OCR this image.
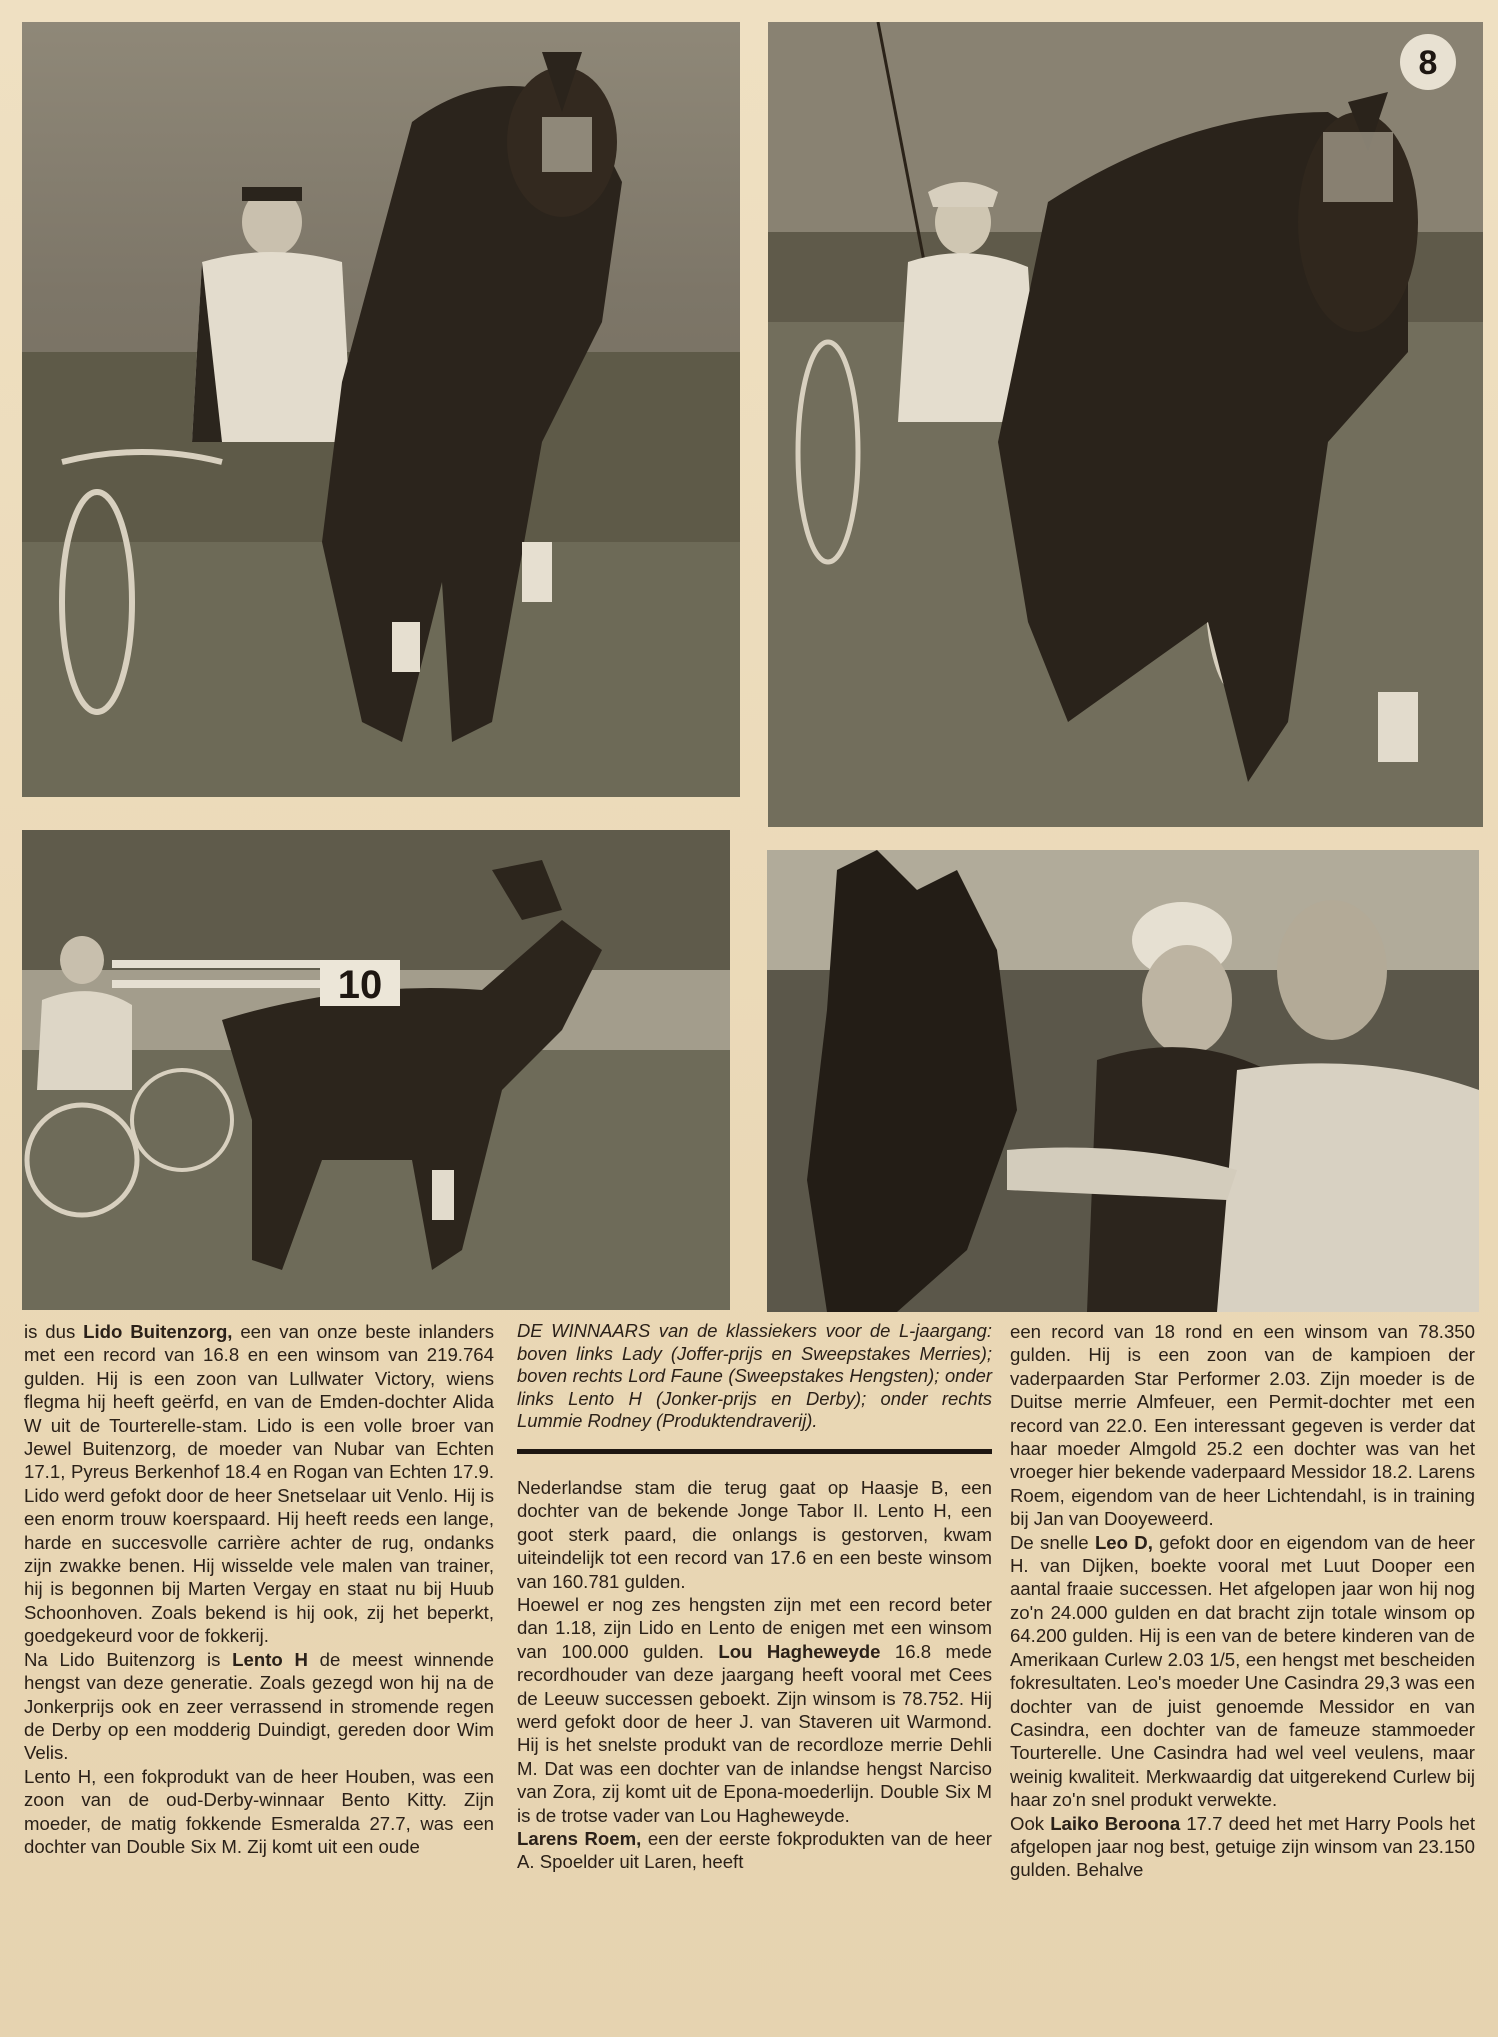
8
10

is dus Lido Buitenzorg, een van onze beste inlanders met een record van 16.8 en een winsom van 219.764 gulden. Hij is een zoon van Lullwater Victory, wiens flegma hij heeft geërfd, en van de Emden-dochter Alida W uit de Tourterelle-stam. Lido is een volle broer van Jewel Buitenzorg, de moeder van Nubar van Echten 17.1, Pyreus Berkenhof 18.4 en Rogan van Echten 17.9. Lido werd gefokt door de heer Snetselaar uit Venlo. Hij is een enorm trouw koerspaard. Hij heeft reeds een lange, harde en succesvolle carrière achter de rug, ondanks zijn zwakke benen. Hij wisselde vele malen van trainer, hij is begonnen bij Marten Vergay en staat nu bij Huub Schoonhoven. Zoals bekend is hij ook, zij het beperkt, goedgekeurd voor de fokkerij.

Na Lido Buitenzorg is Lento H de meest winnende hengst van deze generatie. Zoals gezegd won hij na de Jonkerprijs ook en zeer verrassend in stromende regen de Derby op een modderig Duindigt, gereden door Wim Velis.

Lento H, een fokprodukt van de heer Houben, was een zoon van de oud-Derby-winnaar Bento Kitty. Zijn moeder, de matig fokkende Esmeralda 27.7, was een dochter van Double Six M. Zij komt uit een oude

DE WINNAARS van de klassiekers voor de L-jaargang: boven links Lady (Joffer-prijs en Sweepstakes Merries); boven rechts Lord Faune (Sweepstakes Hengsten); onder links Lento H (Jonker-prijs en Derby); onder rechts Lummie Rodney (Produktendraverij).

Nederlandse stam die terug gaat op Haasje B, een dochter van de bekende Jonge Tabor II. Lento H, een goot sterk paard, die onlangs is gestorven, kwam uiteindelijk tot een record van 17.6 en een beste winsom van 160.781 gulden.

Hoewel er nog zes hengsten zijn met een record beter dan 1.18, zijn Lido en Lento de enigen met een winsom van 100.000 gulden. Lou Hagheweyde 16.8 mede recordhouder van deze jaargang heeft vooral met Cees de Leeuw successen geboekt. Zijn winsom is 78.752. Hij werd gefokt door de heer J. van Staveren uit Warmond. Hij is het snelste produkt van de recordloze merrie Dehli M. Dat was een dochter van de inlandse hengst Narciso van Zora, zij komt uit de Epona-moederlijn. Double Six M is de trotse vader van Lou Hagheweyde.

Larens Roem, een der eerste fokprodukten van de heer A. Spoelder uit Laren, heeft

een record van 18 rond en een winsom van 78.350 gulden. Hij is een zoon van de kampioen der vaderpaarden Star Performer 2.03. Zijn moeder is de Duitse merrie Almfeuer, een Permit-dochter met een record van 22.0. Een interessant gegeven is verder dat haar moeder Almgold 25.2 een dochter was van het vroeger hier bekende vaderpaard Messidor 18.2. Larens Roem, eigendom van de heer Lichtendahl, is in training bij Jan van Dooyeweerd.

De snelle Leo D, gefokt door en eigendom van de heer H. van Dijken, boekte vooral met Luut Dooper een aantal fraaie successen. Het afgelopen jaar won hij nog zo'n 24.000 gulden en dat bracht zijn totale winsom op 64.200 gulden. Hij is een van de betere kinderen van de Amerikaan Curlew 2.03 1/5, een hengst met bescheiden fokresultaten. Leo's moeder Une Casindra 29,3 was een dochter van de juist genoemde Messidor en van Casindra, een dochter van de fameuze stammoeder Tourterelle. Une Casindra had wel veel veulens, maar weinig kwaliteit. Merkwaardig dat uitgerekend Curlew bij haar zo'n snel produkt verwekte.

Ook Laiko Beroona 17.7 deed het met Harry Pools het afgelopen jaar nog best, getuige zijn winsom van 23.150 gulden. Behalve
